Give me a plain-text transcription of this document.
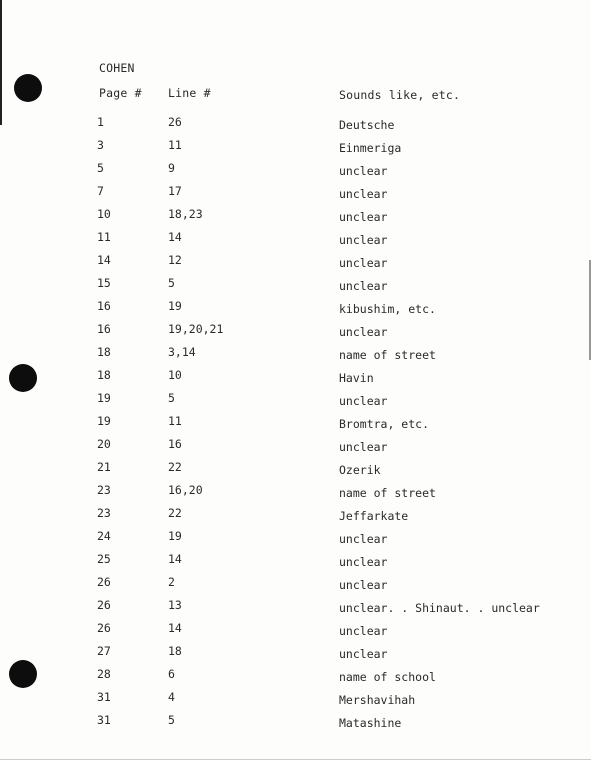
COHEN
Page # Line #	Sounds like, etc.
1	26	Deutsche
3	11	Einmeriga
5	9	unclear
7	17	unclear
10	18,23	unclear
11	14	unclear
14	12	unclear
15	5	unclear
16	19	kibushim, etc.
16	19,20,21	unclear
18	3,14	name of street
18	10	Havin
19	5	unclear
19	11	Bromtra, etc.
20	16	unclear
21	22	Ozerik
23	16,20	name of street
23	22	Jeffarkate
24	19	unclear
25	14	unclear
26	2	unclear
26	13	unclear. . Shinaut. . unclear
26	14	unclear
27	18	unclear
28	6	name of school
31	4	Mershavihah
31	5	Matashine
